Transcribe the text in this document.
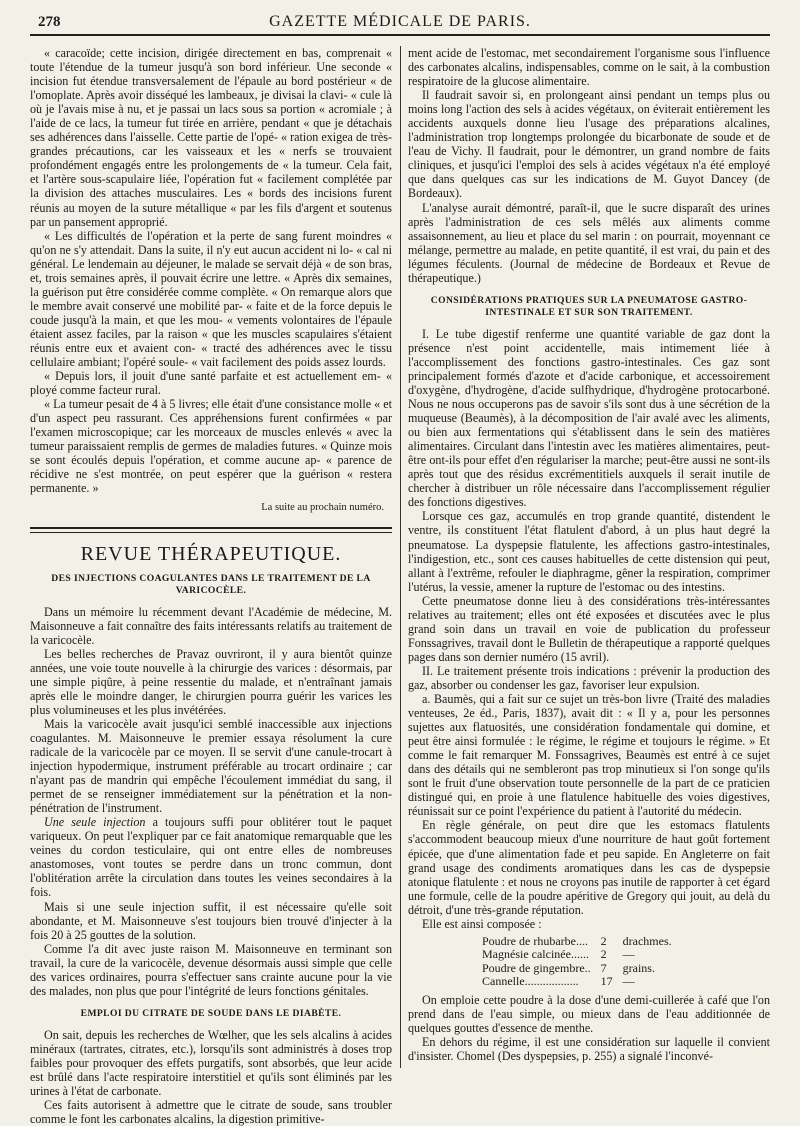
278	GAZETTE MÉDICALE DE PARIS.

« caracoïde; cette incision, dirigée directement en bas, comprenait « toute l'étendue de la tumeur jusqu'à son bord inférieur. Une seconde « incision fut étendue transversalement de l'épaule au bord postérieur « de l'omoplate. Après avoir disséqué les lambeaux, je divisai la clavi- « cule là où je l'avais mise à nu, et je passai un lacs sous sa portion « acromiale ; à l'aide de ce lacs, la tumeur fut tirée en arrière, pendant « que je détachais ses adhérences dans l'aisselle. Cette partie de l'opé- « ration exigea de très-grandes précautions, car les vaisseaux et les « nerfs se trouvaient profondément engagés entre les prolongements de « la tumeur. Cela fait, et l'artère sous-scapulaire liée, l'opération fut « facilement complétée par la division des attaches musculaires. Les « bords des incisions furent réunis au moyen de la suture métallique « par les fils d'argent et soutenus par un pansement approprié.

« Les difficultés de l'opération et la perte de sang furent moindres « qu'on ne s'y attendait. Dans la suite, il n'y eut aucun accident ni lo- « cal ni général. Le lendemain au déjeuner, le malade se servait déjà « de son bras, et, trois semaines après, il pouvait écrire une lettre. « Après dix semaines, la guérison put être considérée comme complète. « On remarque alors que le membre avait conservé une mobilité par- « faite et de la force depuis le coude jusqu'à la main, et que les mou- « vements volontaires de l'épaule étaient assez faciles, par la raison « que les muscles scapulaires s'étaient réunis entre eux et avaient con- « tracté des adhérences avec le tissu cellulaire ambiant; l'opéré soule- « vait facilement des poids assez lourds.

« Depuis lors, il jouit d'une santé parfaite et est actuellement em- « ployé comme facteur rural.

« La tumeur pesait de 4 à 5 livres; elle était d'une consistance molle « et d'un aspect peu rassurant. Ces appréhensions furent confirmées « par l'examen microscopique; car les morceaux de muscles enlevés « avec la tumeur paraissaient remplis de germes de maladies futures. « Quinze mois se sont écoulés depuis l'opération, et comme aucune ap- « parence de récidive ne s'est montrée, on peut espérer que la guérison « restera permanente. »

La suite au prochain numéro.
REVUE THÉRAPEUTIQUE.
DES INJECTIONS COAGULANTES DANS LE TRAITEMENT DE LA VARICOCÈLE.

Dans un mémoire lu récemment devant l'Académie de médecine, M. Maisonneuve a fait connaître des faits intéressants relatifs au traitement de la varicocèle.

Les belles recherches de Pravaz ouvriront, il y aura bientôt quinze années, une voie toute nouvelle à la chirurgie des varices : désormais, par une simple piqûre, à peine ressentie du malade, et n'entraînant jamais après elle le moindre danger, le chirurgien pourra guérir les varices les plus volumineuses et les plus invétérées.

Mais la varicocèle avait jusqu'ici semblé inaccessible aux injections coagulantes. M. Maisonneuve le premier essaya résolument la cure radicale de la varicocèle par ce moyen. Il se servit d'une canule-trocart à injection hypodermique, instrument préférable au trocart ordinaire ; car n'ayant pas de mandrin qui empêche l'écoulement immédiat du sang, il permet de se renseigner immédiatement sur la pénétration et la non-pénétration de l'instrument.

Une seule injection a toujours suffi pour oblitérer tout le paquet variqueux. On peut l'expliquer par ce fait anatomique remarquable que les veines du cordon testiculaire, qui ont entre elles de nombreuses anastomoses, vont toutes se perdre dans un tronc commun, dont l'oblitération arrête la circulation dans toutes les veines secondaires à la fois.

Mais si une seule injection suffit, il est nécessaire qu'elle soit abondante, et M. Maisonneuve s'est toujours bien trouvé d'injecter à la fois 20 à 25 gouttes de la solution.

Comme l'a dit avec juste raison M. Maisonneuve en terminant son travail, la cure de la varicocèle, devenue désormais aussi simple que celle des varices ordinaires, pourra s'effectuer sans crainte aucune pour la vie des malades, non plus que pour l'intégrité de leurs fonctions génitales.

EMPLOI DU CITRATE DE SOUDE DANS LE DIABÈTE.

On sait, depuis les recherches de Wœlher, que les sels alcalins à acides minéraux (tartrates, citrates, etc.), lorsqu'ils sont administrés à doses trop faibles pour provoquer des effets purgatifs, sont absorbés, que leur acide est brûlé dans l'acte respiratoire interstitiel et qu'ils sont éliminés par les urines à l'état de carbonate.

Ces faits autorisent à admettre que le citrate de soude, sans troubler comme le font les carbonates alcalins, la digestion primitive-

ment acide de l'estomac, met secondairement l'organisme sous l'influence des carbonates alcalins, indispensables, comme on le sait, à la combustion respiratoire de la glucose alimentaire.

Il faudrait savoir si, en prolongeant ainsi pendant un temps plus ou moins long l'action des sels à acides végétaux, on éviterait entièrement les accidents auxquels donne lieu l'usage des préparations alcalines, l'administration trop longtemps prolongée du bicarbonate de soude et de l'eau de Vichy. Il faudrait, pour le démontrer, un grand nombre de faits cliniques, et jusqu'ici l'emploi des sels à acides végétaux n'a été employé que dans quelques cas sur les indications de M. Guyot Dancey (de Bordeaux).

L'analyse aurait démontré, paraît-il, que le sucre disparaît des urines après l'administration de ces sels mêlés aux aliments comme assaisonnement, au lieu et place du sel marin : on pourrait, moyennant ce mélange, permettre au malade, en petite quantité, il est vrai, du pain et des légumes féculents. (Journal de médecine de Bordeaux et Revue de thérapeutique.)

CONSIDÉRATIONS PRATIQUES SUR LA PNEUMATOSE GASTRO-INTESTINALE ET SUR SON TRAITEMENT.

I. Le tube digestif renferme une quantité variable de gaz dont la présence n'est point accidentelle, mais intimement liée à l'accomplissement des fonctions gastro-intestinales. Ces gaz sont principalement formés d'azote et d'acide carbonique, et accessoirement d'oxygène, d'hydrogène, d'acide sulfhydrique, d'hydrogène protocarboné. Nous ne nous occuperons pas de savoir s'ils sont dus à une sécrétion de la muqueuse (Beaumès), à la décomposition de l'air avalé avec les aliments, ou bien aux fermentations qui s'établissent dans le sein des matières alimentaires. Circulant dans l'intestin avec les matières alimentaires, peut-être ont-ils pour effet d'en régulariser la marche; peut-être aussi ne sont-ils après tout que des résidus excrémentitiels auxquels il serait inutile de chercher à distribuer un rôle nécessaire dans l'accomplissement régulier des fonctions digestives.

Lorsque ces gaz, accumulés en trop grande quantité, distendent le ventre, ils constituent l'état flatulent d'abord, à un plus haut degré la pneumatose. La dyspepsie flatulente, les affections gastro-intestinales, l'indigestion, etc., sont ces causes habituelles de cette distension qui peut, allant à l'extrême, refouler le diaphragme, gêner la respiration, comprimer l'utérus, la vessie, amener la rupture de l'estomac ou des intestins.

Cette pneumatose donne lieu à des considérations très-intéressantes relatives au traitement; elles ont été exposées et discutées avec le plus grand soin dans un travail en voie de publication du professeur Fonssagrives, travail dont le Bulletin de thérapeutique a rapporté quelques pages dans son dernier numéro (15 avril).

II. Le traitement présente trois indications : prévenir la production des gaz, absorber ou condenser les gaz, favoriser leur expulsion.

a. Baumès, qui a fait sur ce sujet un très-bon livre (Traité des maladies venteuses, 2e éd., Paris, 1837), avait dit : « Il y a, pour les personnes sujettes aux flatuosités, une considération fondamentale qui domine, et peut être ainsi formulée : le régime, le régime et toujours le régime. » Et comme le fait remarquer M. Fonssagrives, Beaumès est entré à ce sujet dans des détails qui ne sembleront pas trop minutieux si l'on songe qu'ils sont le fruit d'une observation toute personnelle de la part de ce praticien distingué qui, en proie à une flatulence habituelle des voies digestives, réunissait sur ce point l'expérience du patient à l'autorité du médecin.

En règle générale, on peut dire que les estomacs flatulents s'accommodent beaucoup mieux d'une nourriture de haut goût fortement épicée, que d'une alimentation fade et peu sapide. En Angleterre on fait grand usage des condiments aromatiques dans les cas de dyspepsie atonique flatulente : et nous ne croyons pas inutile de rapporter à cet égard une formule, celle de la poudre apéritive de Gregory qui jouit, au delà du détroit, d'une très-grande réputation.

Elle est ainsi composée :

Poudre de rhubarbe....	2	drachmes.
Magnésie calcinée......	2	—
Poudre de gingembre..	7	grains.
Cannelle..................	17	—

On emploie cette poudre à la dose d'une demi-cuillerée à café que l'on prend dans de l'eau simple, ou mieux dans de l'eau additionnée de quelques gouttes d'essence de menthe.

En dehors du régime, il est une considération sur laquelle il convient d'insister. Chomel (Des dyspepsies, p. 255) a signalé l'inconvé-
